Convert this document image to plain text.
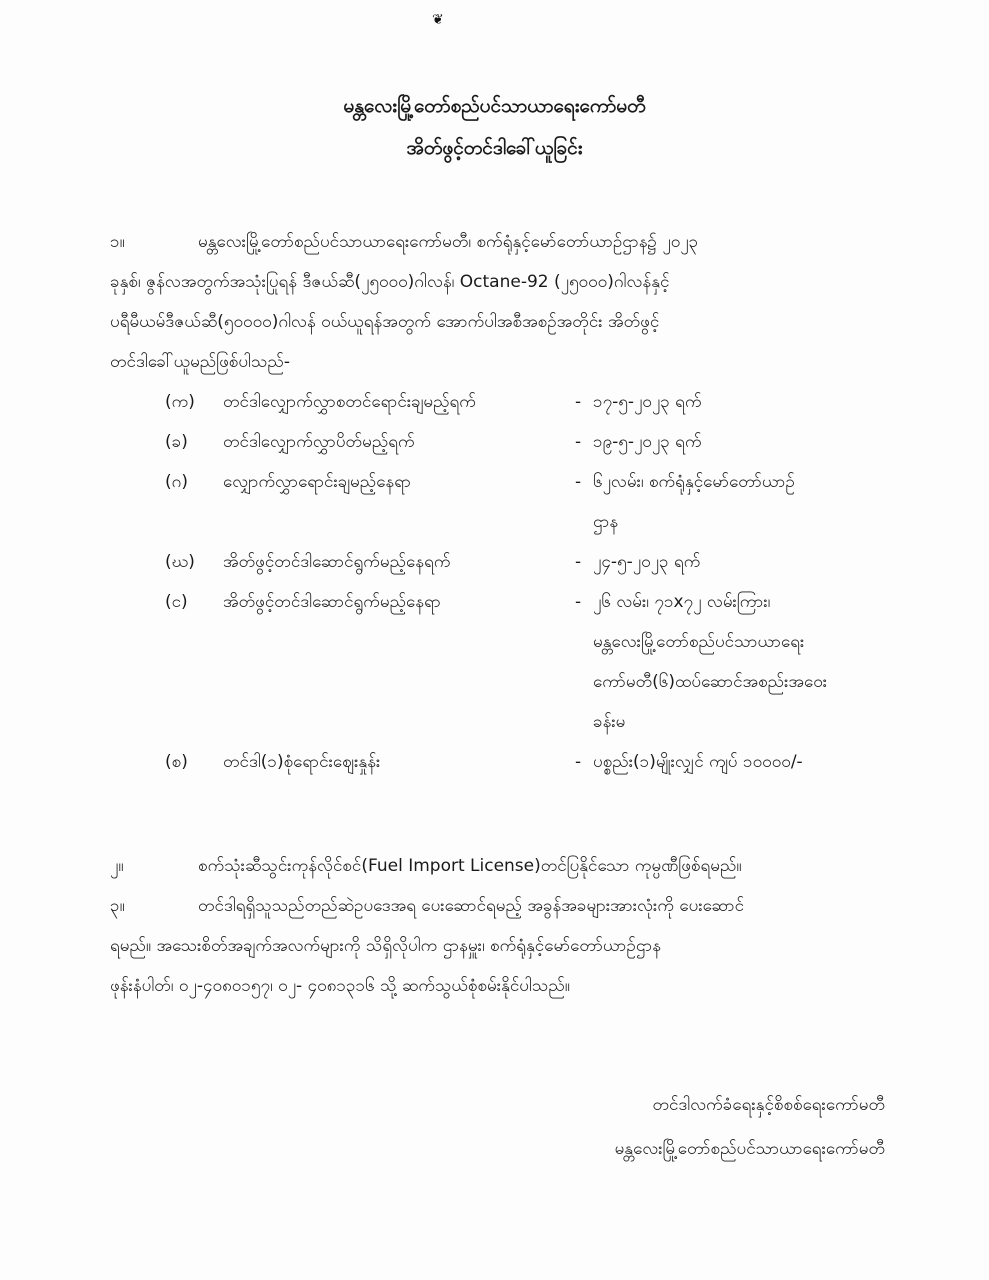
❦
မန္တလေးမြို့တော်စည်ပင်သာယာရေးကော်မတီ
အိတ်ဖွင့်တင်ဒါခေါ်ယူခြင်း
၁။	မန္တလေးမြို့တော်စည်ပင်သာယာရေးကော်မတီ၊ စက်ရုံနှင့်မော်တော်ယာဉ်ဌာန၌ ၂၀၂၃
ခုနှစ်၊ ဇွန်လအတွက်အသုံးပြုရန် ဒီဇယ်ဆီ(၂၅၀၀၀)ဂါလန်၊ Octane-92 (၂၅၀၀၀)ဂါလန်နှင့်
ပရီမီယမ်ဒီဇယ်ဆီ(၅၀၀၀၀)ဂါလန် ဝယ်ယူရန်အတွက် အောက်ပါအစီအစဉ်အတိုင်း အိတ်ဖွင့်
တင်ဒါခေါ်ယူမည်ဖြစ်ပါသည်-
(က)	တင်ဒါလျှောက်လွှာစတင်ရောင်းချမည့်ရက်	- ၁၇-၅-၂၀၂၃ ရက်
(ခ)	တင်ဒါလျှောက်လွှာပိတ်မည့်ရက်	- ၁၉-၅-၂၀၂၃ ရက်
(ဂ)	လျှောက်လွှာရောင်းချမည့်နေရာ	- ၆၂လမ်း၊ စက်ရုံနှင့်မော်တော်ယာဉ်
ဌာန
(ဃ)	အိတ်ဖွင့်တင်ဒါဆောင်ရွက်မည့်နေရက်	- ၂၄-၅-၂၀၂၃ ရက်
(င)	အိတ်ဖွင့်တင်ဒါဆောင်ရွက်မည့်နေရာ	- ၂၆ လမ်း၊ ၇၁x၇၂ လမ်းကြား၊
မန္တလေးမြို့တော်စည်ပင်သာယာရေး
ကော်မတီ(၆)ထပ်ဆောင်အစည်းအဝေး
ခန်းမ
(စ)	တင်ဒါ(၁)စုံရောင်းဈေးနှုန်း	- ပစ္စည်း(၁)မျိုးလျှင် ကျပ် ၁၀၀၀၀/-
၂။	စက်သုံးဆီသွင်းကုန်လိုင်စင်(Fuel Import License)တင်ပြနိုင်သော ကုမ္ပဏီဖြစ်ရမည်။
၃။	တင်ဒါရရှိသူသည်တည်ဆဲဥပဒေအရ ပေးဆောင်ရမည့် အခွန်အခများအားလုံးကို ပေးဆောင်
ရမည်။ အသေးစိတ်အချက်အလက်များကို သိရှိလိုပါက ဌာနမှူး၊ စက်ရုံနှင့်မော်တော်ယာဉ်ဌာန
ဖုန်းနံပါတ်၊ ၀၂-၄၀၈၀၁၅၇၊ ၀၂- ၄၀၈၁၃၁၆ သို့ ဆက်သွယ်စုံစမ်းနိုင်ပါသည်။
တင်ဒါလက်ခံရေးနှင့်စိစစ်ရေးကော်မတီ
မန္တလေးမြို့တော်စည်ပင်သာယာရေးကော်မတီ
